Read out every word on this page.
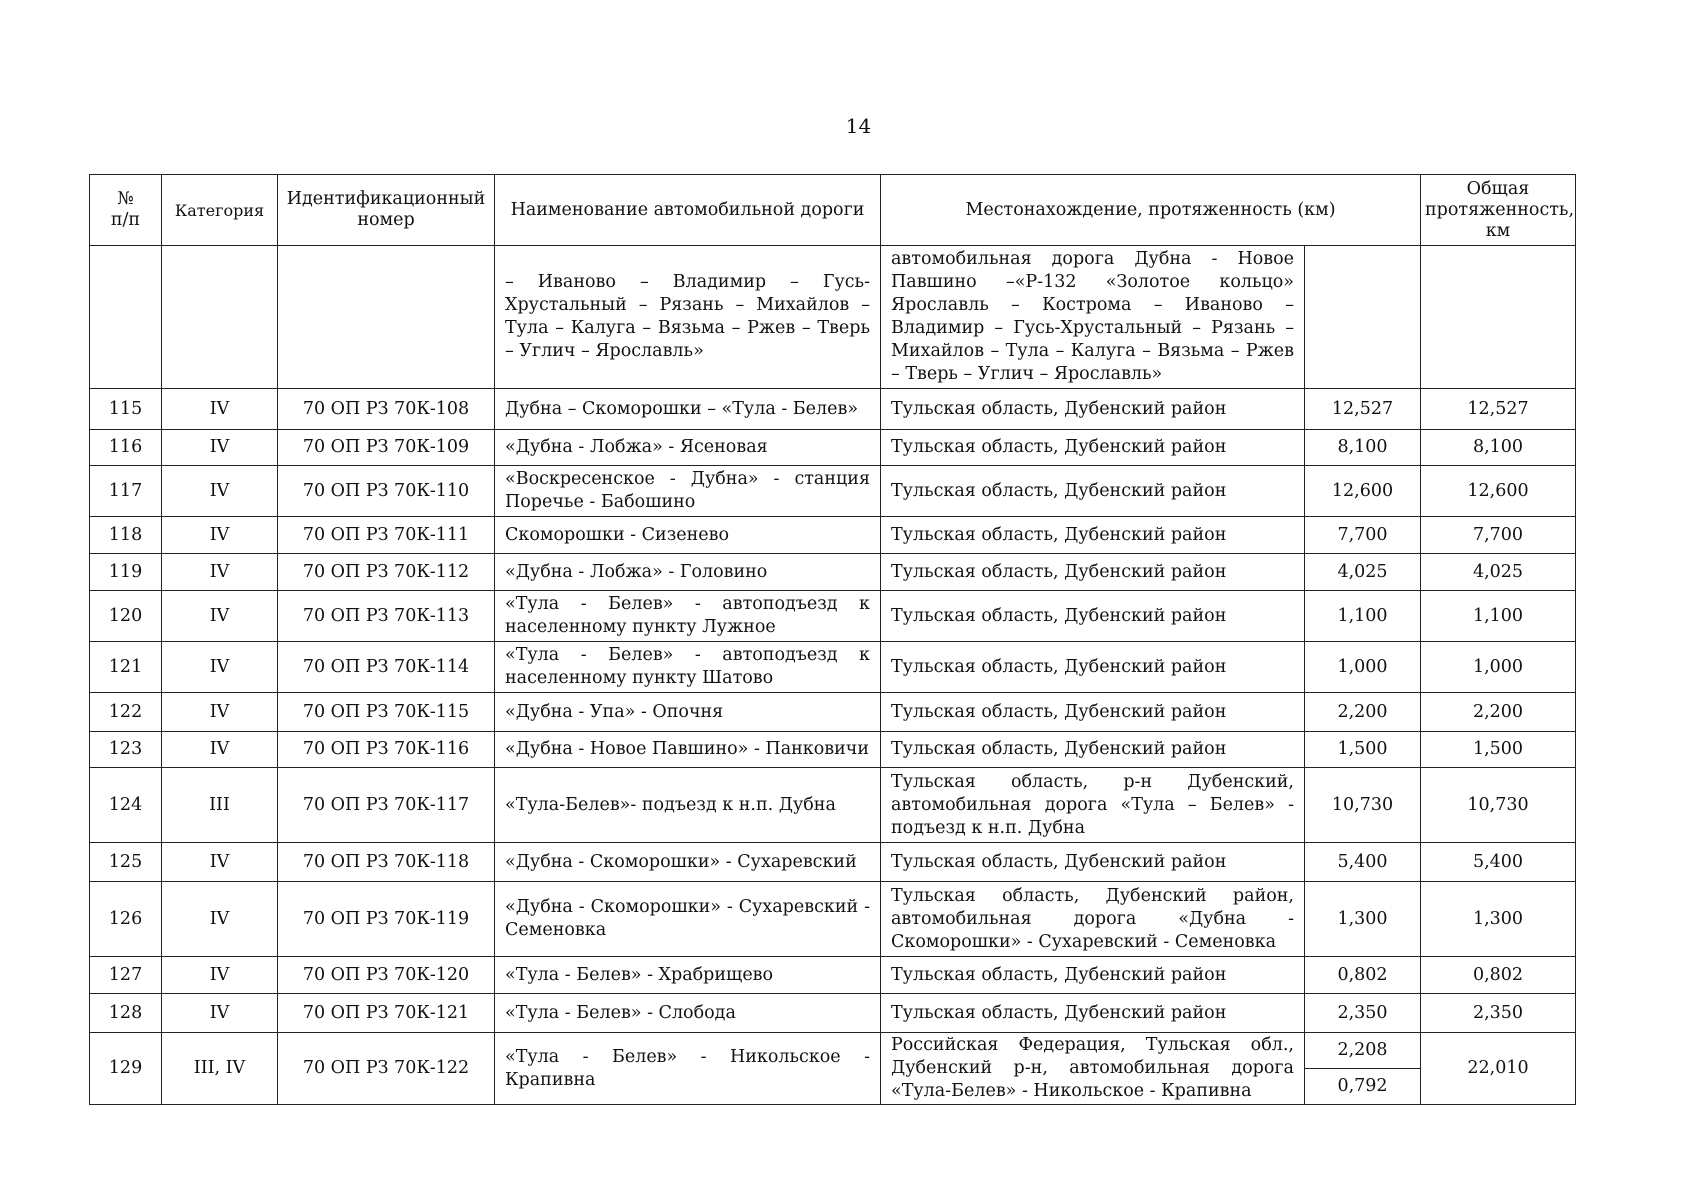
14
№
п/п	Категория	Идентификационный номер	Наименование автомобильной дороги	Местонахождение, протяженность (км)		Общая протяженность, км
			– Иваново – Владимир – Гусь-Хрустальный – Рязань – Михайлов – Тула – Калуга – Вязьма – Ржев – Тверь – Углич – Ярославль»	автомобильная дорога Дубна - Новое Павшино –«Р-132 «Золотое кольцо» Ярославль – Кострома – Иваново – Владимир – Гусь-Хрустальный – Рязань – Михайлов – Тула – Калуга – Вязьма – Ржев – Тверь – Углич – Ярославль»		
115	IV	70 ОП РЗ 70К-108	Дубна – Скоморошки – «Тула - Белев»	Тульская область, Дубенский район	12,527	12,527
116	IV	70 ОП РЗ 70К-109	«Дубна - Лобжа» - Ясеновая	Тульская область, Дубенский район	8,100	8,100
117	IV	70 ОП РЗ 70К-110	«Воскресенское - Дубна» - станция Поречье - Бабошино	Тульская область, Дубенский район	12,600	12,600
118	IV	70 ОП РЗ 70К-111	Скоморошки - Сизенево	Тульская область, Дубенский район	7,700	7,700
119	IV	70 ОП РЗ 70К-112	«Дубна - Лобжа» - Головино	Тульская область, Дубенский район	4,025	4,025
120	IV	70 ОП РЗ 70К-113	«Тула - Белев» - автоподъезд к населенному пункту Лужное	Тульская область, Дубенский район	1,100	1,100
121	IV	70 ОП РЗ 70К-114	«Тула - Белев» - автоподъезд к населенному пункту Шатово	Тульская область, Дубенский район	1,000	1,000
122	IV	70 ОП РЗ 70К-115	«Дубна - Упа» - Опочня	Тульская область, Дубенский район	2,200	2,200
123	IV	70 ОП РЗ 70К-116	«Дубна - Новое Павшино» - Панковичи	Тульская область, Дубенский район	1,500	1,500
124	III	70 ОП РЗ 70К-117	«Тула-Белев»- подъезд к н.п. Дубна	Тульская область, р-н Дубенский, автомобильная дорога «Тула – Белев» - подъезд к н.п. Дубна	10,730	10,730
125	IV	70 ОП РЗ 70К-118	«Дубна - Скоморошки» - Сухаревский	Тульская область, Дубенский район	5,400	5,400
126	IV	70 ОП РЗ 70К-119	«Дубна - Скоморошки» - Сухаревский - Семеновка	Тульская область, Дубенский район, автомобильная дорога «Дубна - Скоморошки» - Сухаревский - Семеновка	1,300	1,300
127	IV	70 ОП РЗ 70К-120	«Тула - Белев» - Храбрищево	Тульская область, Дубенский район	0,802	0,802
128	IV	70 ОП РЗ 70К-121	«Тула - Белев» - Слобода	Тульская область, Дубенский район	2,350	2,350
129	III, IV	70 ОП РЗ 70К-122	«Тула - Белев» - Никольское - Крапивна	Российская Федерация, Тульская обл., Дубенский р-н, автомобильная дорога «Тула-Белев» - Никольское - Крапивна	2,208	22,010
					0,792	
